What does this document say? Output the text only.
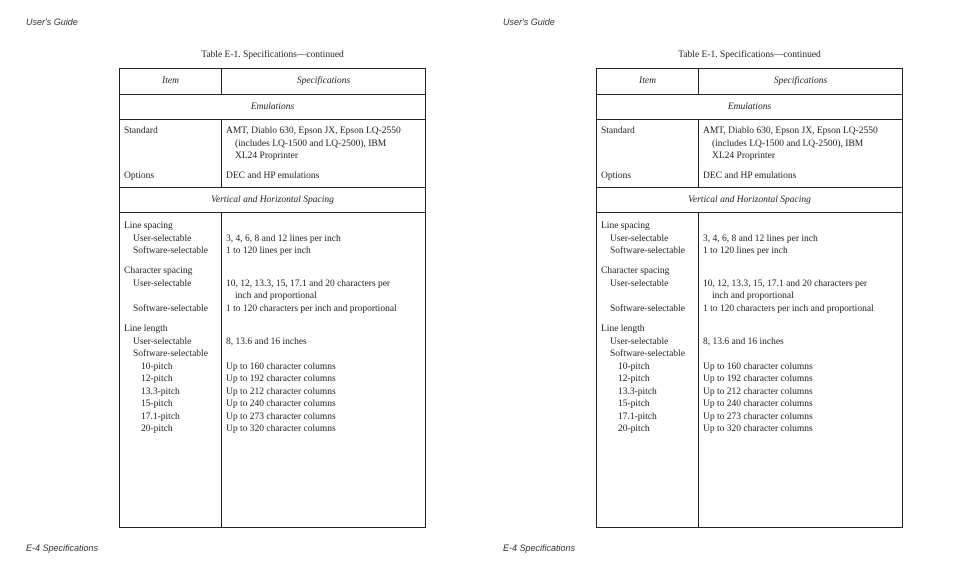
User's Guide
Table E-1. Specifications—continued
Item	Specifications
Emulations
Standard	AMT, Diablo 630, Epson JX, Epson LQ-2550
(includes LQ-1500 and LQ-2500), IBM
XL24 Proprinter
Options	DEC and HP emulations
Vertical and Horizontal Spacing
Line spacing
User-selectable	3, 4, 6, 8 and 12 lines per inch
Software-selectable 1 to 120 lines per inch
Character spacing
User-selectable	10, 12, 13.3, 15, 17.1 and 20 characters per
inch and proportional
Software-selectable 1 to 120 characters per inch and proportional
Line length
User-selectable	8, 13.6 and 16 inches
Software-selectable
10-pitch	Up to 160 character columns
12-pitch	Up to 192 character columns
13.3-pitch	Up to 212 character columns
15-pitch	Up to 240 character columns
17.1-pitch	Up to 273 character columns
20-pitch	Up to 320 character columns
E-4 Specifications
User's Guide
Table E-1. Specifications—continued
Item	Specifications
Emulations
Standard	AMT, Diablo 630, Epson JX, Epson LQ-2550
(includes LQ-1500 and LQ-2500), IBM
XL24 Proprinter
Options	DEC and HP emulations
Vertical and Horizontal Spacing
Line spacing
User-selectable	3, 4, 6, 8 and 12 lines per inch
Software-selectable 1 to 120 lines per inch
Character spacing
User-selectable	10, 12, 13.3, 15, 17.1 and 20 characters per
inch and proportional
Software-selectable 1 to 120 characters per inch and proportional
Line length
User-selectable	8, 13.6 and 16 inches
Software-selectable
10-pitch	Up to 160 character columns
12-pitch	Up to 192 character columns
13.3-pitch	Up to 212 character columns
15-pitch	Up to 240 character columns
17.1-pitch	Up to 273 character columns
20-pitch	Up to 320 character columns
E-4 Specifications
